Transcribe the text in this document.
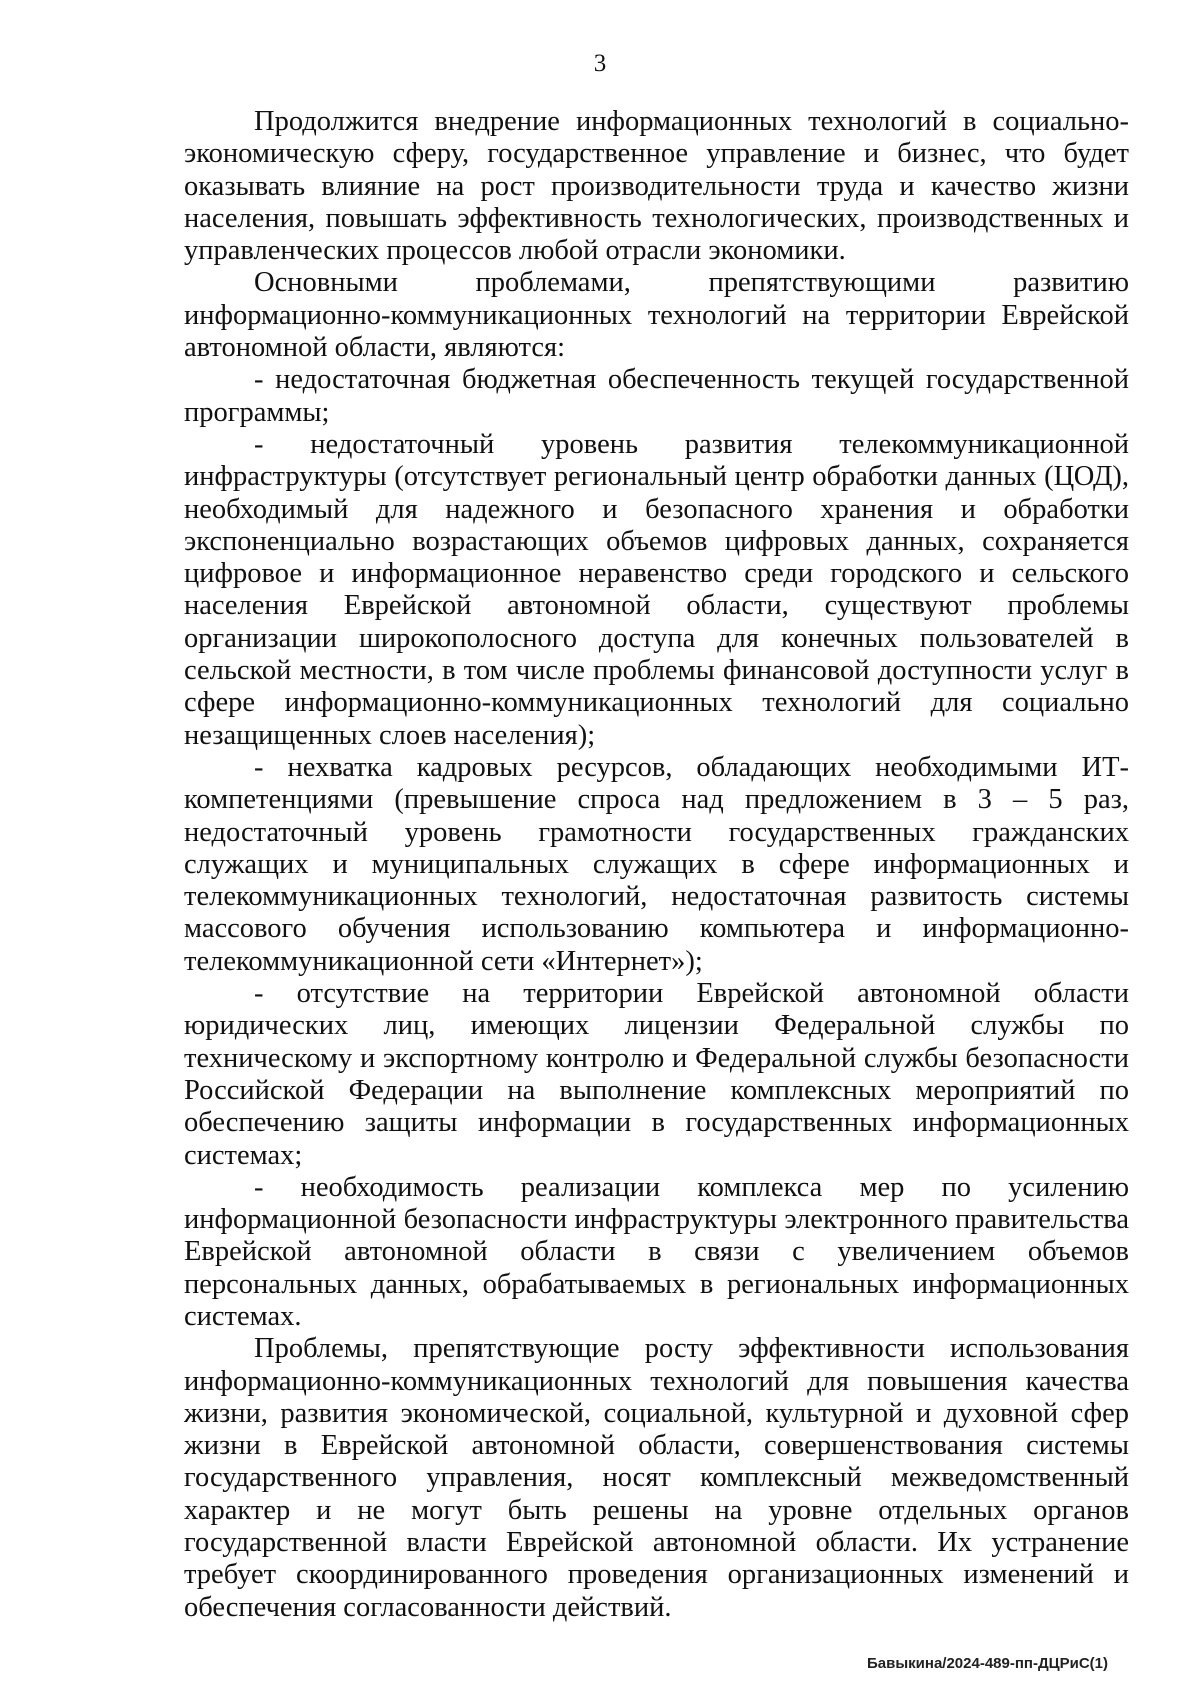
3

Продолжится внедрение информационных технологий в социально-экономическую сферу, государственное управление и бизнес, что будет оказывать влияние на рост производительности труда и качество жизни населения, повышать эффективность технологических, производственных и управленческих процессов любой отрасли экономики.

Основными проблемами, препятствующими развитию информационно-коммуникационных технологий на территории Еврейской автономной области, являются:

- недостаточная бюджетная обеспеченность текущей государственной программы;

- недостаточный уровень развития телекоммуникационной инфраструктуры (отсутствует региональный центр обработки данных (ЦОД), необходимый для надежного и безопасного хранения и обработки экспоненциально возрастающих объемов цифровых данных, сохраняется цифровое и информационное неравенство среди городского и сельского населения Еврейской автономной области, существуют проблемы организации широкополосного доступа для конечных пользователей в сельской местности, в том числе проблемы финансовой доступности услуг в сфере информационно-коммуникационных технологий для социально незащищенных слоев населения);

- нехватка кадровых ресурсов, обладающих необходимыми ИТ-компетенциями (превышение спроса над предложением в 3 – 5 раз, недостаточный уровень грамотности государственных гражданских служащих и муниципальных служащих в сфере информационных и телекоммуникационных технологий, недостаточная развитость системы массового обучения использованию компьютера и информационно-телекоммуникационной сети «Интернет»);

- отсутствие на территории Еврейской автономной области юридических лиц, имеющих лицензии Федеральной службы по техническому и экспортному контролю и Федеральной службы безопасности Российской Федерации на выполнение комплексных мероприятий по обеспечению защиты информации в государственных информационных системах;

- необходимость реализации комплекса мер по усилению информационной безопасности инфраструктуры электронного правительства Еврейской автономной области в связи с увеличением объемов персональных данных, обрабатываемых в региональных информационных системах.

Проблемы, препятствующие росту эффективности использования информационно-коммуникационных технологий для повышения качества жизни, развития экономической, социальной, культурной и духовной сфер жизни в Еврейской автономной области, совершенствования системы государственного управления, носят комплексный межведомственный характер и не могут быть решены на уровне отдельных органов государственной власти Еврейской автономной области. Их устранение требует скоординированного проведения организационных изменений и обеспечения согласованности действий.

Бавыкина/2024-489-пп-ДЦРиС(1)
